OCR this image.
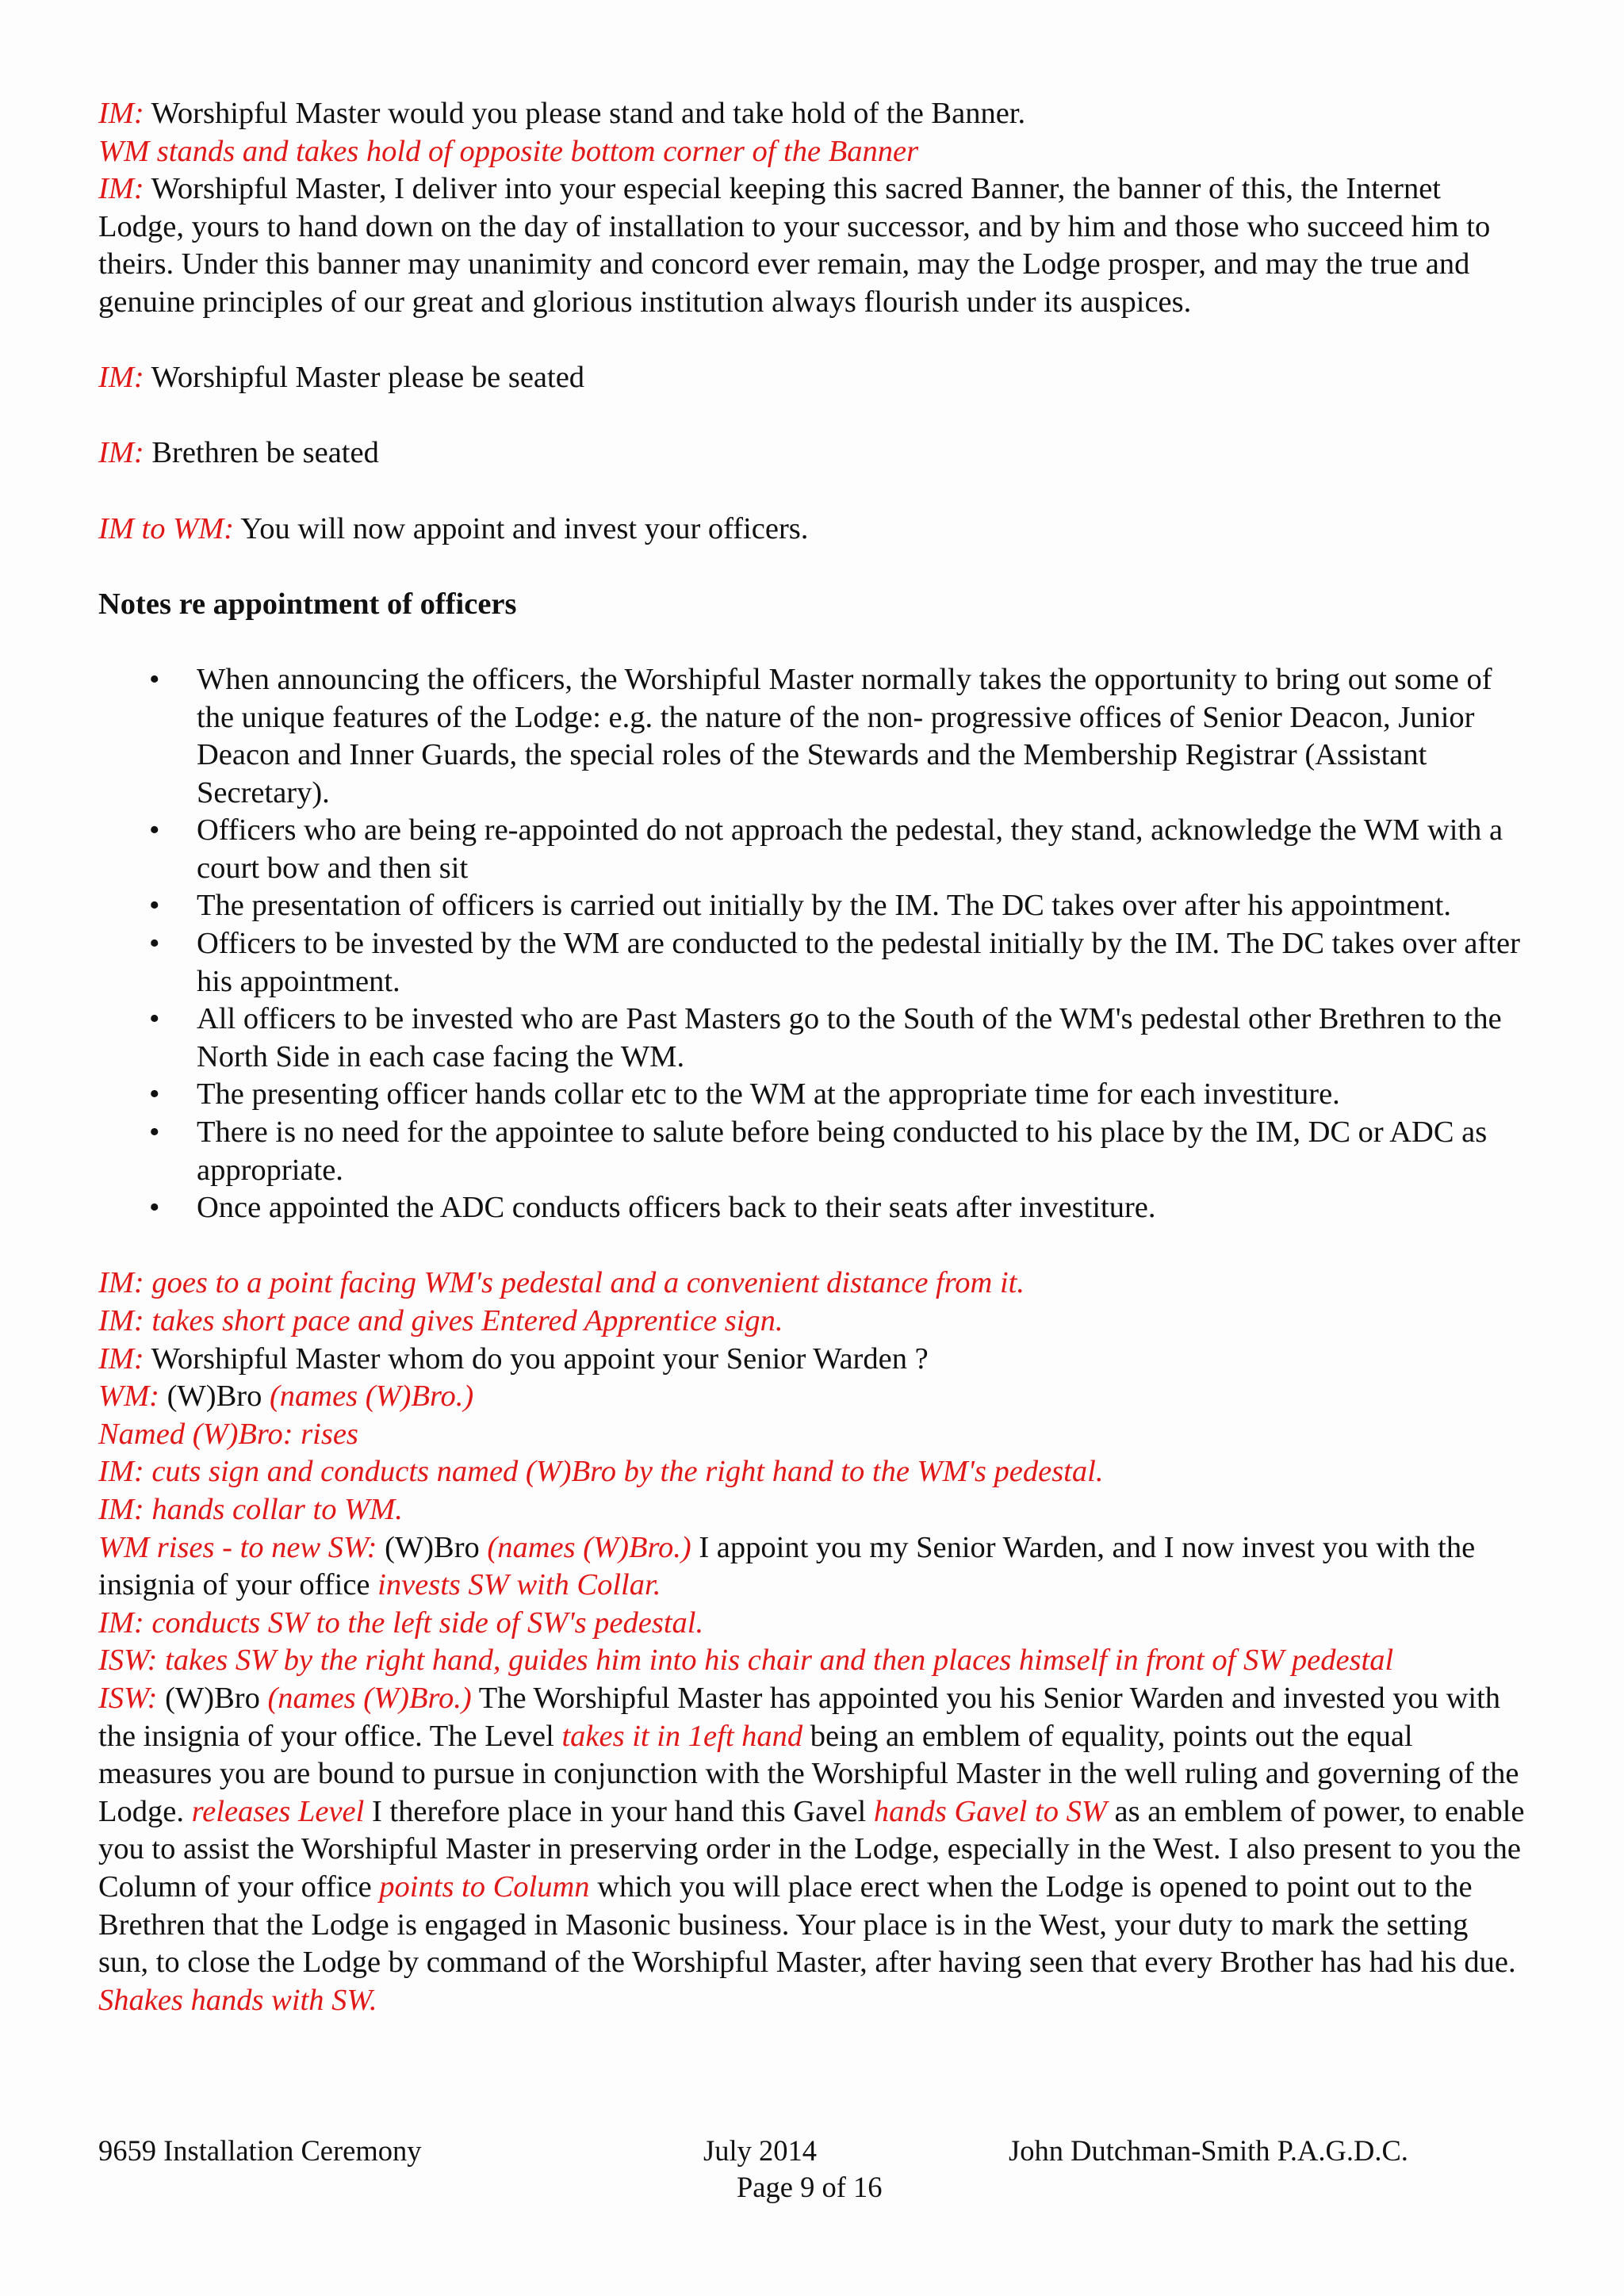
IM: Worshipful Master would you please stand and take hold of the Banner.

WM stands and takes hold of opposite bottom corner of the Banner

IM: Worshipful Master, I deliver into your especial keeping this sacred Banner, the banner of this, the Internet Lodge, yours to hand down on the day of installation to your successor, and by him and those who succeed him to theirs. Under this banner may unanimity and concord ever remain, may the Lodge prosper, and may the true and genuine principles of our great and glorious institution always flourish under its auspices.

IM: Worshipful Master please be seated

IM: Brethren be seated

IM to WM: You will now appoint and invest your officers.

Notes re appointment of officers

• When announcing the officers, the Worshipful Master normally takes the opportunity to bring out some of the unique features of the Lodge: e.g. the nature of the non- progressive offices of Senior Deacon, Junior Deacon and Inner Guards, the special roles of the Stewards and the Membership Registrar (Assistant Secretary).
• Officers who are being re-appointed do not approach the pedestal, they stand, acknowledge the WM with a court bow and then sit
• The presentation of officers is carried out initially by the IM. The DC takes over after his appointment.
• Officers to be invested by the WM are conducted to the pedestal initially by the IM. The DC takes over after his appointment.
• All officers to be invested who are Past Masters go to the South of the WM's pedestal other Brethren to the North Side in each case facing the WM.
• The presenting officer hands collar etc to the WM at the appropriate time for each investiture.
• There is no need for the appointee to salute before being conducted to his place by the IM, DC or ADC as appropriate.
• Once appointed the ADC conducts officers back to their seats after investiture.

IM: goes to a point facing WM's pedestal and a convenient distance from it.

IM: takes short pace and gives Entered Apprentice sign.

IM: Worshipful Master whom do you appoint your Senior Warden ?

WM: (W)Bro (names (W)Bro.)

Named (W)Bro: rises

IM: cuts sign and conducts named (W)Bro by the right hand to the WM's pedestal.

IM: hands collar to WM.

WM rises - to new SW: (W)Bro (names (W)Bro.) I appoint you my Senior Warden, and I now invest you with the insignia of your office invests SW with Collar.

IM: conducts SW to the left side of SW's pedestal.

ISW: takes SW by the right hand, guides him into his chair and then places himself in front of SW pedestal

ISW: (W)Bro (names (W)Bro.) The Worshipful Master has appointed you his Senior Warden and invested you with the insignia of your office. The Level takes it in 1eft hand being an emblem of equality, points out the equal measures you are bound to pursue in conjunction with the Worshipful Master in the well ruling and governing of the Lodge. releases Level I therefore place in your hand this Gavel hands Gavel to SW as an emblem of power, to enable you to assist the Worshipful Master in preserving order in the Lodge, especially in the West. I also present to you the Column of your office points to Column which you will place erect when the Lodge is opened to point out to the Brethren that the Lodge is engaged in Masonic business. Your place is in the West, your duty to mark the setting sun, to close the Lodge by command of the Worshipful Master, after having seen that every Brother has had his due. Shakes hands with SW.

9659 Installation Ceremony	July 2014	John Dutchman-Smith P.A.G.D.C.
Page 9 of 16
